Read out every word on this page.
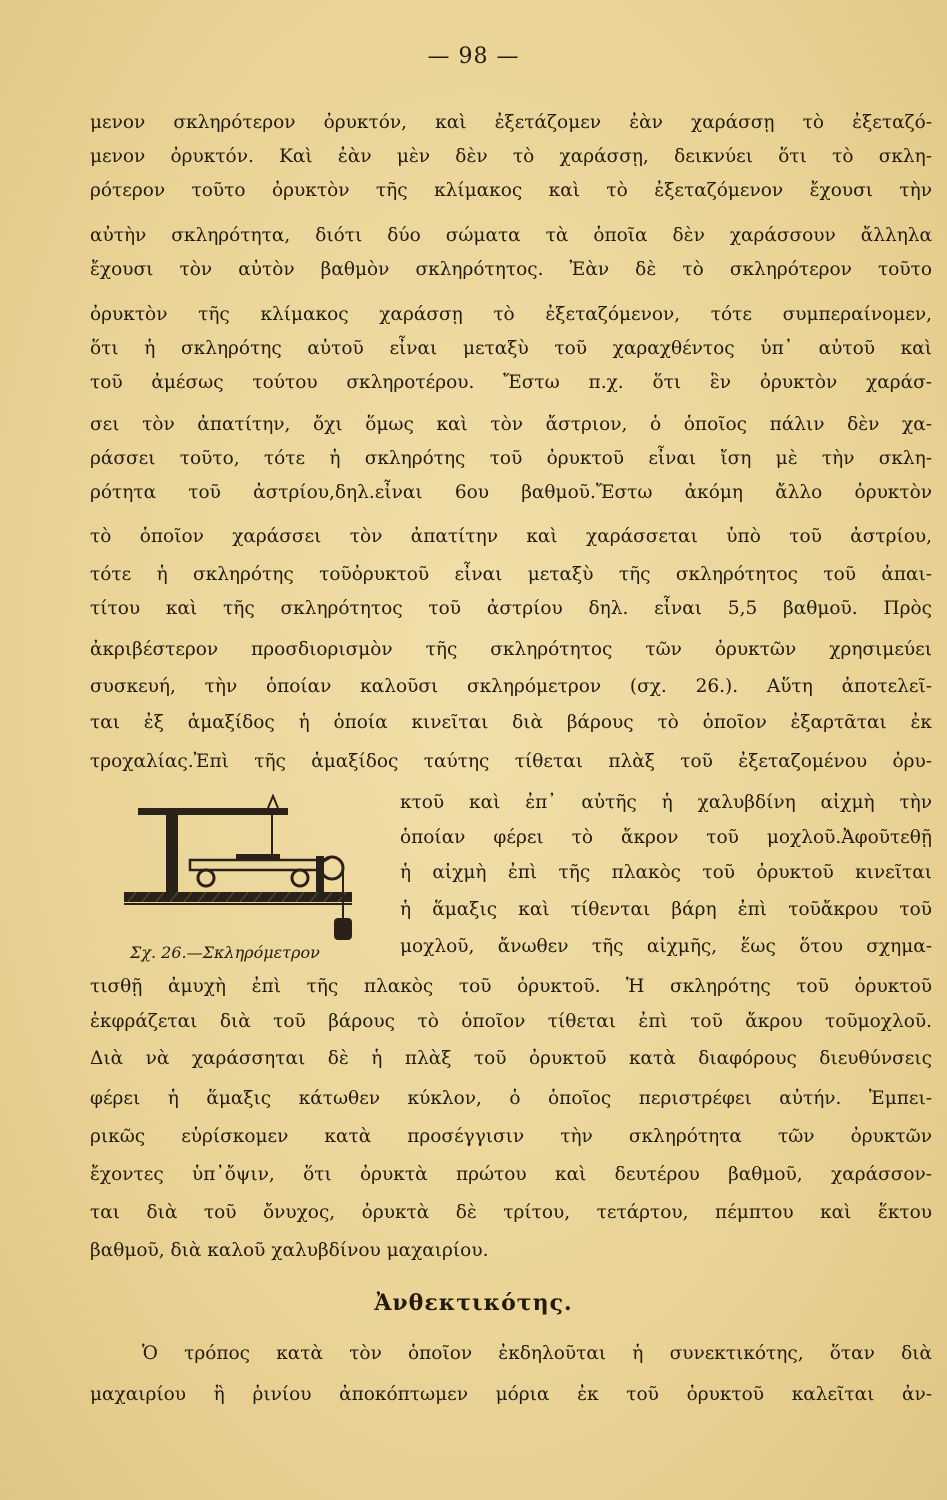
— 98 —
μενον σκληρότερον ὀρυκτόν, καὶ ἐξετάζομεν ἐὰν χαράσσῃ τὸ ἐξεταζό-
μενον ὀρυκτόν. Καὶ ἐὰν μὲν δὲν τὸ χαράσσῃ, δεικνύει ὅτι τὸ σκλη-
ρότερον τοῦτο ὀρυκτὸν τῆς κλίμακος καὶ τὸ ἐξεταζόμενον ἔχουσι τὴν
αὐτὴν σκληρότητα, διότι δύο σώματα τὰ ὁποῖα δὲν χαράσσουν ἄλληλα
ἔχουσι τὸν αὐτὸν βαθμὸν σκληρότητος. Ἐὰν δὲ τὸ σκληρότερον τοῦτο
ὀρυκτὸν τῆς κλίμακος χαράσσῃ τὸ ἐξεταζόμενον, τότε συμπεραίνομεν,
ὅτι ἡ σκληρότης αὐτοῦ εἶναι μεταξὺ τοῦ χαραχθέντος ὑπ᾽ αὐτοῦ καὶ
τοῦ ἀμέσως τούτου σκληροτέρου. Ἔστω π.χ. ὅτι ἓν ὀρυκτὸν χαράσ-
σει τὸν ἀπατίτην, ὄχι ὅμως καὶ τὸν ἄστριον, ὁ ὁποῖος πάλιν δὲν χα-
ράσσει τοῦτο, τότε ἡ σκληρότης τοῦ ὀρυκτοῦ εἶναι ἴση μὲ τὴν σκλη-
ρότητα τοῦ ἀστρίου,δηλ.εἶναι 6ου βαθμοῦ.Ἔστω ἀκόμη ἄλλο ὀρυκτὸν
τὸ ὁποῖον χαράσσει τὸν ἀπατίτην καὶ χαράσσεται ὑπὸ τοῦ ἀστρίου,
τότε ἡ σκληρότης τοῦὀρυκτοῦ εἶναι μεταξὺ τῆς σκληρότητος τοῦ ἀπαι-
τίτου καὶ τῆς σκληρότητος τοῦ ἀστρίου δηλ. εἶναι 5,5 βαθμοῦ. Πρὸς
ἀκριβέστερον προσδιορισμὸν τῆς σκληρότητος τῶν ὀρυκτῶν χρησιμεύει
συσκευή, τὴν ὁποίαν καλοῦσι σκληρόμετρον (σχ. 26.). Αὕτη ἀποτελεῖ-
ται ἐξ ἁμαξίδος ἡ ὁποία κινεῖται διὰ βάρους τὸ ὁποῖον ἐξαρτᾶται ἐκ
τροχαλίας.Ἐπὶ τῆς ἁμαξίδος ταύτης τίθεται πλὰξ τοῦ ἐξεταζομένου ὀρυ-
Σχ. 26.—Σκληρόμετρον
κτοῦ καὶ ἐπ᾽ αὐτῆς ἡ χαλυβδίνη αἰχμὴ τὴν
ὁποίαν φέρει τὸ ἄκρον τοῦ μοχλοῦ.Ἀφοῦτεθῇ
ἡ αἰχμὴ ἐπὶ τῆς πλακὸς τοῦ ὀρυκτοῦ κινεῖται
ἡ ἅμαξις καὶ τίθενται βάρη ἐπὶ τοῦἄκρου τοῦ
μοχλοῦ, ἄνωθεν τῆς αἰχμῆς, ἕως ὅτου σχημα-
τισθῇ ἀμυχὴ ἐπὶ τῆς πλακὸς τοῦ ὀρυκτοῦ. Ἡ σκληρότης τοῦ ὀρυκτοῦ
ἐκφράζεται διὰ τοῦ βάρους τὸ ὁποῖον τίθεται ἐπὶ τοῦ ἄκρου τοῦμοχλοῦ.
Διὰ νὰ χαράσσηται δὲ ἡ πλὰξ τοῦ ὀρυκτοῦ κατὰ διαφόρους διευθύνσεις
φέρει ἡ ἅμαξις κάτωθεν κύκλον, ὁ ὁποῖος περιστρέφει αὐτήν. Ἐμπει-
ρικῶς εὑρίσκομεν κατὰ προσέγγισιν τὴν σκληρότητα τῶν ὀρυκτῶν
ἔχοντες ὑπ᾽ὄψιν, ὅτι ὀρυκτὰ πρώτου καὶ δευτέρου βαθμοῦ, χαράσσον-
ται διὰ τοῦ ὄνυχος, ὀρυκτὰ δὲ τρίτου, τετάρτου, πέμπτου καὶ ἕκτου
βαθμοῦ, διὰ καλοῦ χαλυβδίνου μαχαιρίου.
Ἀνθεκτικότης.
Ὁ τρόπος κατὰ τὸν ὁποῖον ἐκδηλοῦται ἡ συνεκτικότης, ὅταν διὰ
μαχαιρίου ἢ ῥινίου ἀποκόπτωμεν μόρια ἐκ τοῦ ὀρυκτοῦ καλεῖται ἀν-
